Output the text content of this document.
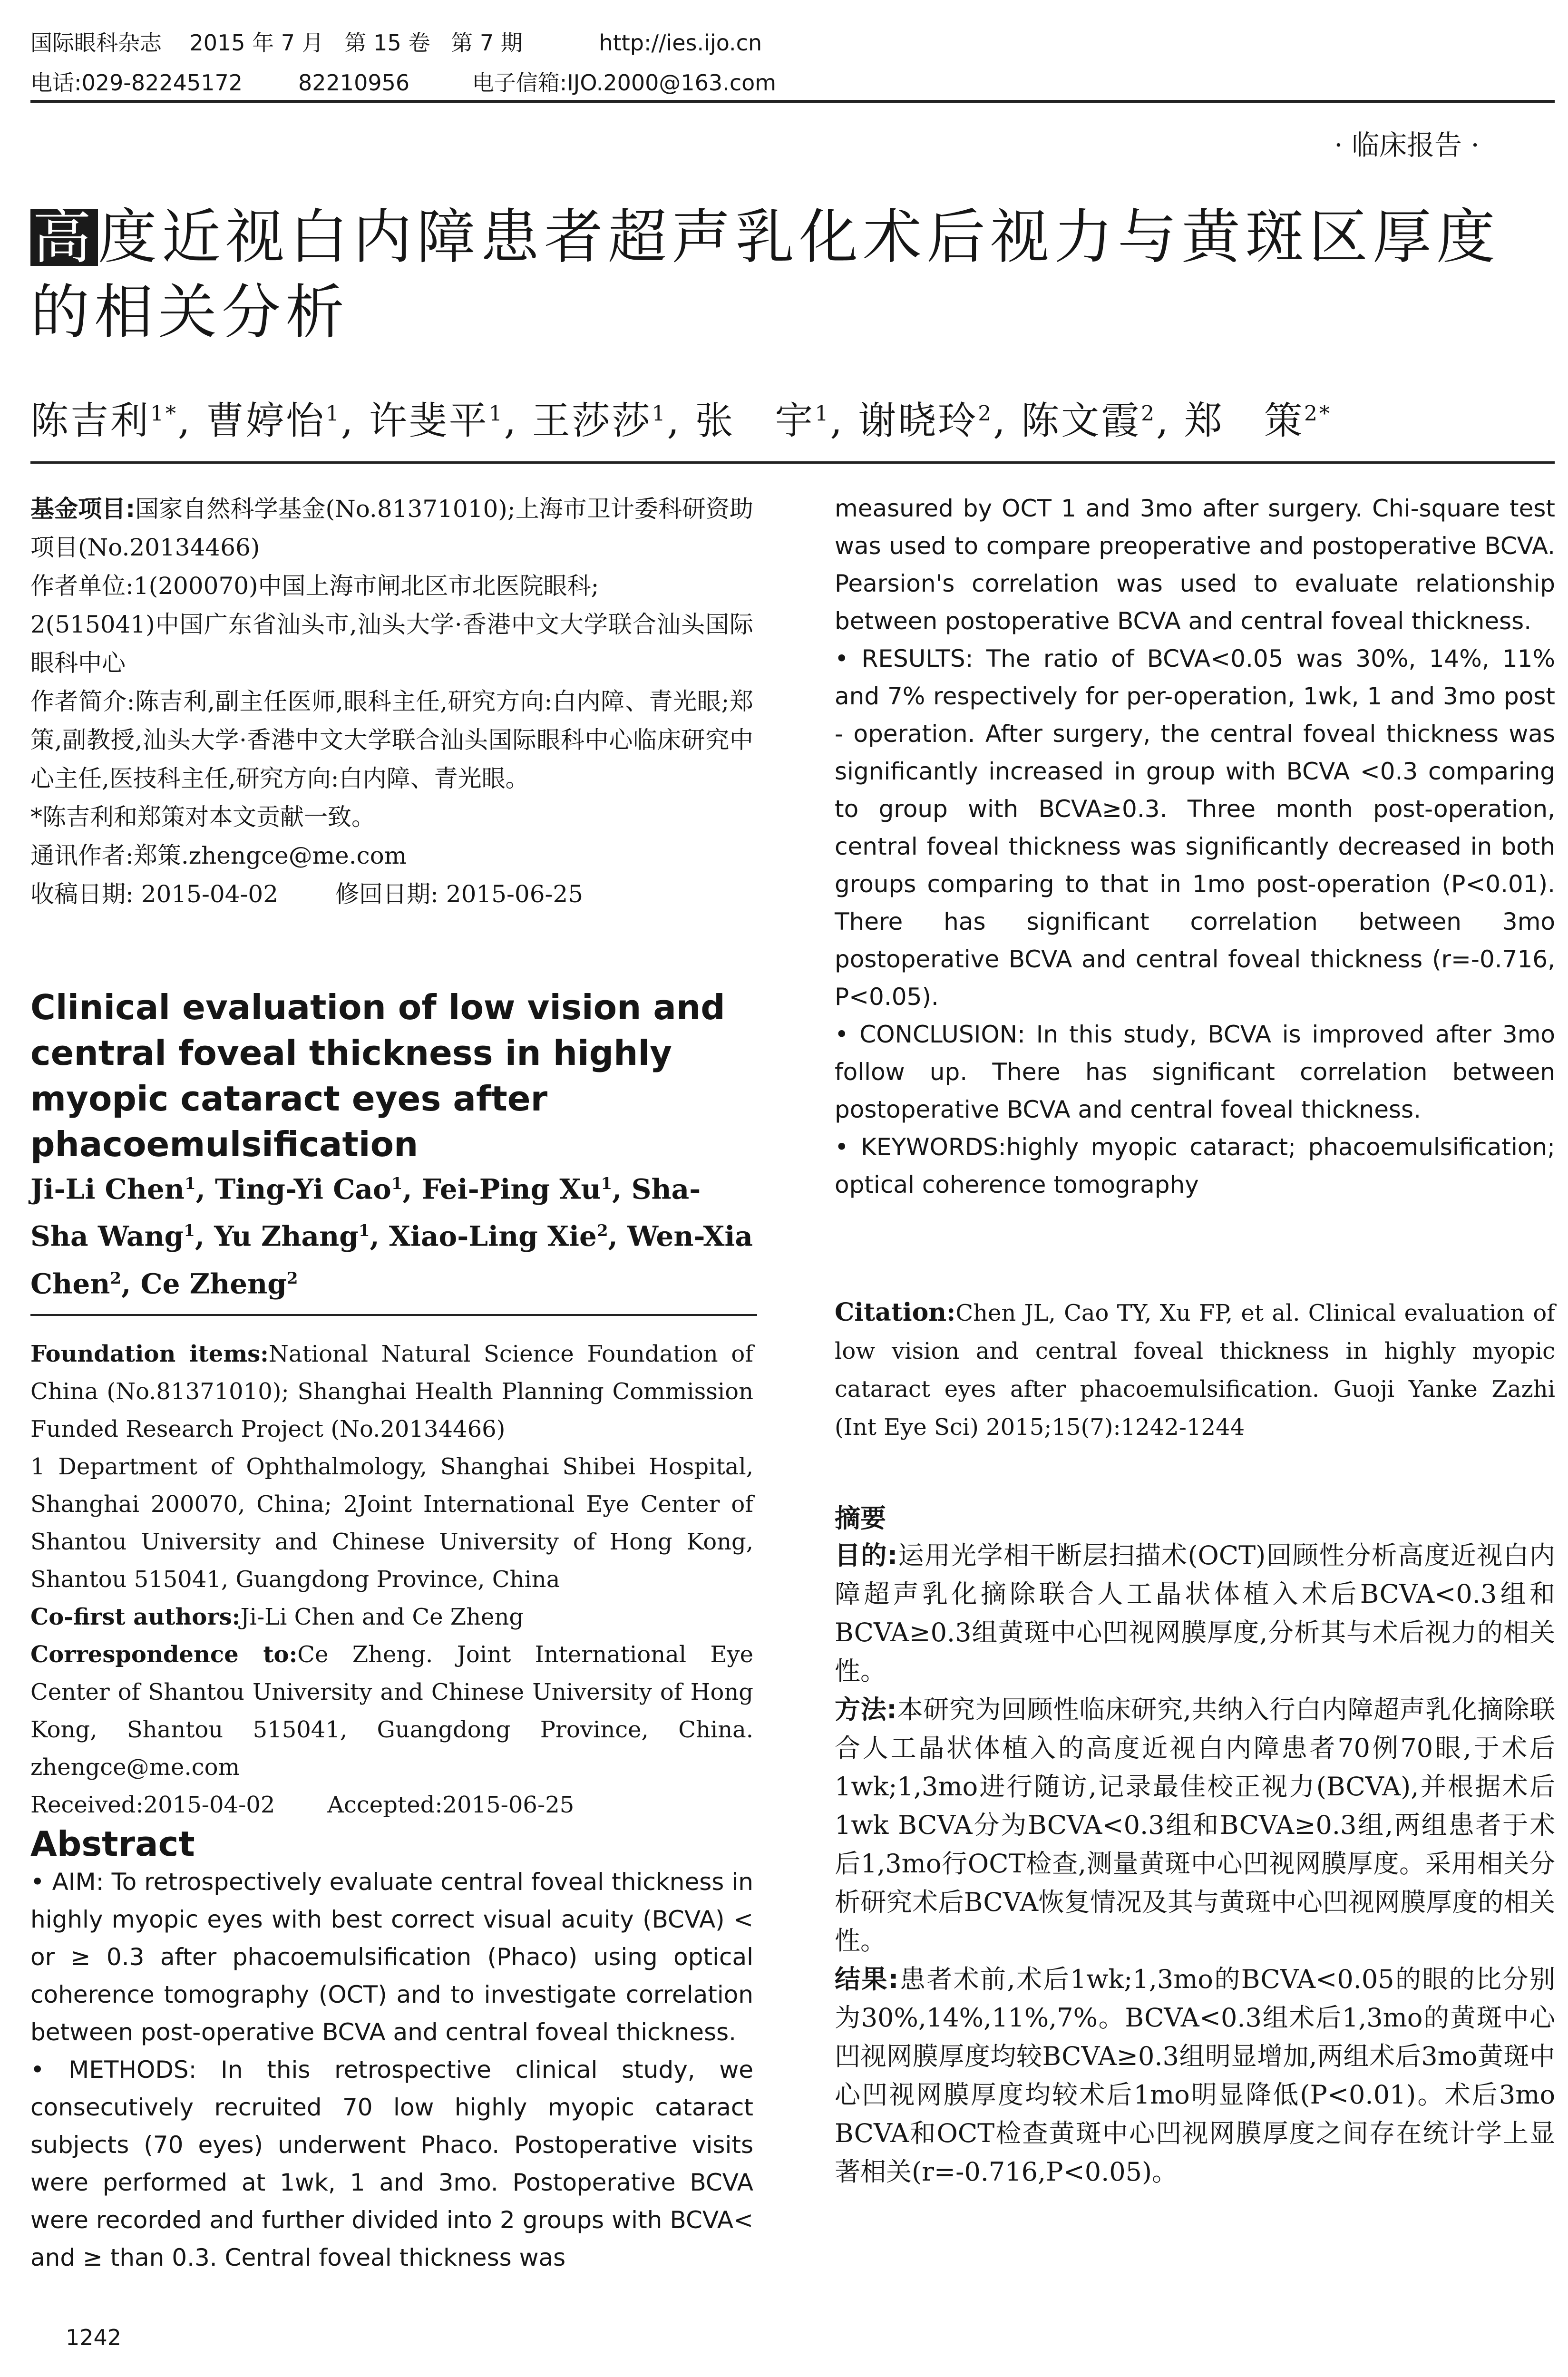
国际眼科杂志    2015 年 7 月   第 15 卷   第 7 期           http://ies.ijo.cn
电话:029-82245172        82210956         电子信箱:IJO.2000@163.com
· 临床报告 ·
高度近视白内障患者超声乳化术后视力与黄斑区厚度的相关分析
陈吉利$^{1*}$, 曹婷怡$^1$, 许斐平$^1$, 王莎莎$^1$, 张　宇$^1$, 谢晓玲$^2$, 陈文霞$^2$, 郑　策$^{2*}$

基金项目:国家自然科学基金(No.81371010);上海市卫计委科研资助项目(No.20134466)

作者单位:1(200070)中国上海市闸北区市北医院眼科;

2(515041)中国广东省汕头市,汕头大学·香港中文大学联合汕头国际眼科中心

作者简介:陈吉利,副主任医师,眼科主任,研究方向:白内障、青光眼;郑策,副教授,汕头大学·香港中文大学联合汕头国际眼科中心临床研究中心主任,医技科主任,研究方向:白内障、青光眼。

*陈吉利和郑策对本文贡献一致。

通讯作者:郑策.zhengce@me.com

收稿日期: 2015-04-02 修回日期: 2015-06-25

Clinical evaluation of low vision and central foveal thickness in highly myopic cataract eyes after phacoemulsification
Ji-Li Chen$^1$, Ting-Yi Cao$^1$, Fei-Ping Xu$^1$, Sha-Sha Wang$^1$, Yu Zhang$^1$, Xiao-Ling Xie$^2$, Wen-Xia Chen$^2$, Ce Zheng$^2$

Foundation items:National Natural Science Foundation of China (No.81371010); Shanghai Health Planning Commission Funded Research Project (No.20134466)

1 Department of Ophthalmology, Shanghai Shibei Hospital, Shanghai 200070, China; 2Joint International Eye Center of Shantou University and Chinese University of Hong Kong, Shantou 515041, Guangdong Province, China

Co-first authors:Ji-Li Chen and Ce Zheng

Correspondence to:Ce Zheng. Joint International Eye Center of Shantou University and Chinese University of Hong Kong, Shantou 515041, Guangdong Province, China. zhengce@me.com

Received:2015-04-02 Accepted:2015-06-25

Abstract

• AIM: To retrospectively evaluate central foveal thickness in highly myopic eyes with best correct visual acuity (BCVA) < or ≥ 0.3 after phacoemulsification (Phaco) using optical coherence tomography (OCT) and to investigate correlation between post-operative BCVA and central foveal thickness.

• METHODS: In this retrospective clinical study, we consecutively recruited 70 low highly myopic cataract subjects (70 eyes) underwent Phaco. Postoperative visits were performed at 1wk, 1 and 3mo. Postoperative BCVA were recorded and further divided into 2 groups with BCVA< and ≥ than 0.3. Central foveal thickness was

measured by OCT 1 and 3mo after surgery. Chi-square test was used to compare preoperative and postoperative BCVA. Pearsion's correlation was used to evaluate relationship between postoperative BCVA and central foveal thickness.

• RESULTS: The ratio of BCVA<0.05 was 30%, 14%, 11% and 7% respectively for per-operation, 1wk, 1 and 3mo post - operation. After surgery, the central foveal thickness was significantly increased in group with BCVA <0.3 comparing to group with BCVA≥0.3. Three month post-operation, central foveal thickness was significantly decreased in both groups comparing to that in 1mo post-operation (P<0.01). There has significant correlation between 3mo postoperative BCVA and central foveal thickness (r=-0.716, P<0.05).

• CONCLUSION: In this study, BCVA is improved after 3mo follow up. There has significant correlation between postoperative BCVA and central foveal thickness.

• KEYWORDS:highly myopic cataract; phacoemulsification; optical coherence tomography

Citation:Chen JL, Cao TY, Xu FP, et al. Clinical evaluation of low vision and central foveal thickness in highly myopic cataract eyes after phacoemulsification. Guoji Yanke Zazhi (Int Eye Sci) 2015;15(7):1242-1244
摘要

目的:运用光学相干断层扫描术(OCT)回顾性分析高度近视白内障超声乳化摘除联合人工晶状体植入术后BCVA<0.3组和BCVA≥0.3组黄斑中心凹视网膜厚度,分析其与术后视力的相关性。

方法:本研究为回顾性临床研究,共纳入行白内障超声乳化摘除联合人工晶状体植入的高度近视白内障患者70例70眼,于术后1wk;1,3mo进行随访,记录最佳校正视力(BCVA),并根据术后1wk BCVA分为BCVA<0.3组和BCVA≥0.3组,两组患者于术后1,3mo行OCT检查,测量黄斑中心凹视网膜厚度。采用相关分析研究术后BCVA恢复情况及其与黄斑中心凹视网膜厚度的相关性。

结果:患者术前,术后1wk;1,3mo的BCVA<0.05的眼的比分别为30%,14%,11%,7%。BCVA<0.3组术后1,3mo的黄斑中心凹视网膜厚度均较BCVA≥0.3组明显增加,两组术后3mo黄斑中心凹视网膜厚度均较术后1mo明显降低(P<0.01)。术后3mo BCVA和OCT检查黄斑中心凹视网膜厚度之间存在统计学上显著相关(r=-0.716,P<0.05)。

1242
